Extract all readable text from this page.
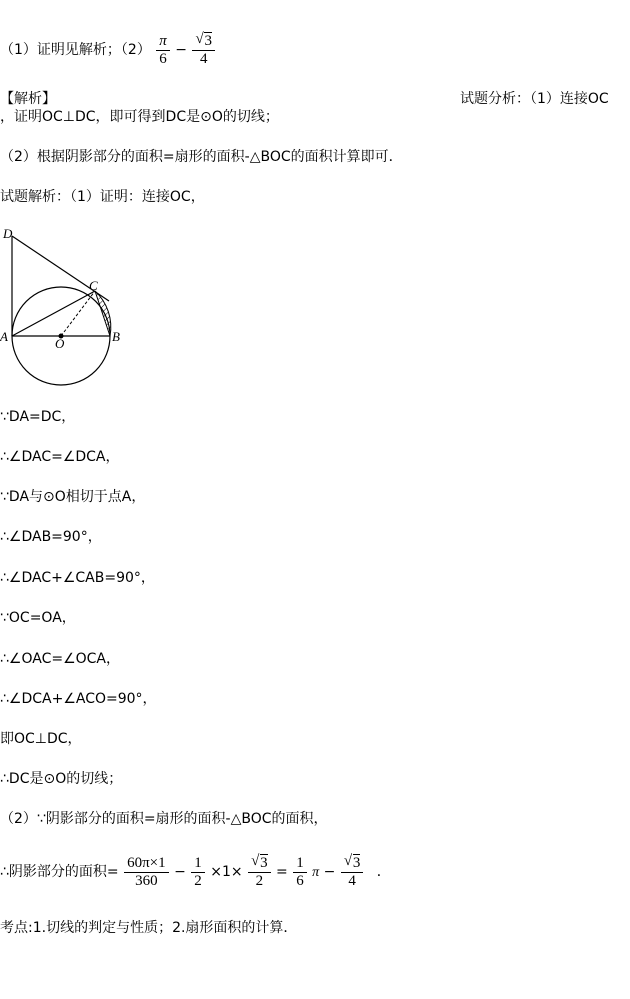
（1）证明见解析；$(2) \frac{\pi}{6}$ − √ $\frac{3}{4}$
【解析】	试题分析：（1）连接OC
，证明OC⊥DC，即可得到DC是⊙O的切线；
（2）根据阴影部分的面积=扇形的面积-△BOC的面积计算即可．
试题解析：（1）证明：连接OC，
D
C
A	O	B
∵DA=DC，
∴∠DAC=∠DCA，
∵DA与⊙O相切于点A，
∴∠DAB=90°，
∴∠DAC+∠CAB=90°，
∵OC=OA，
∴∠OAC=∠OCA，
∴∠DCA+∠ACO=90°，
即OC⊥DC，
∴DC是⊙O的切线；
（2）∵阴影部分的面积=扇形的面积-△BOC的面积，
∴阴影部分的面积= $\frac{60\pi\times 1}{360} - \frac{1}{2} \times 1\times$ √ $\frac{3}{2} = \frac{1}{6}$ π − √ $\frac{3}{4}$ ．
考点:1.切线的判定与性质；2.扇形面积的计算．
